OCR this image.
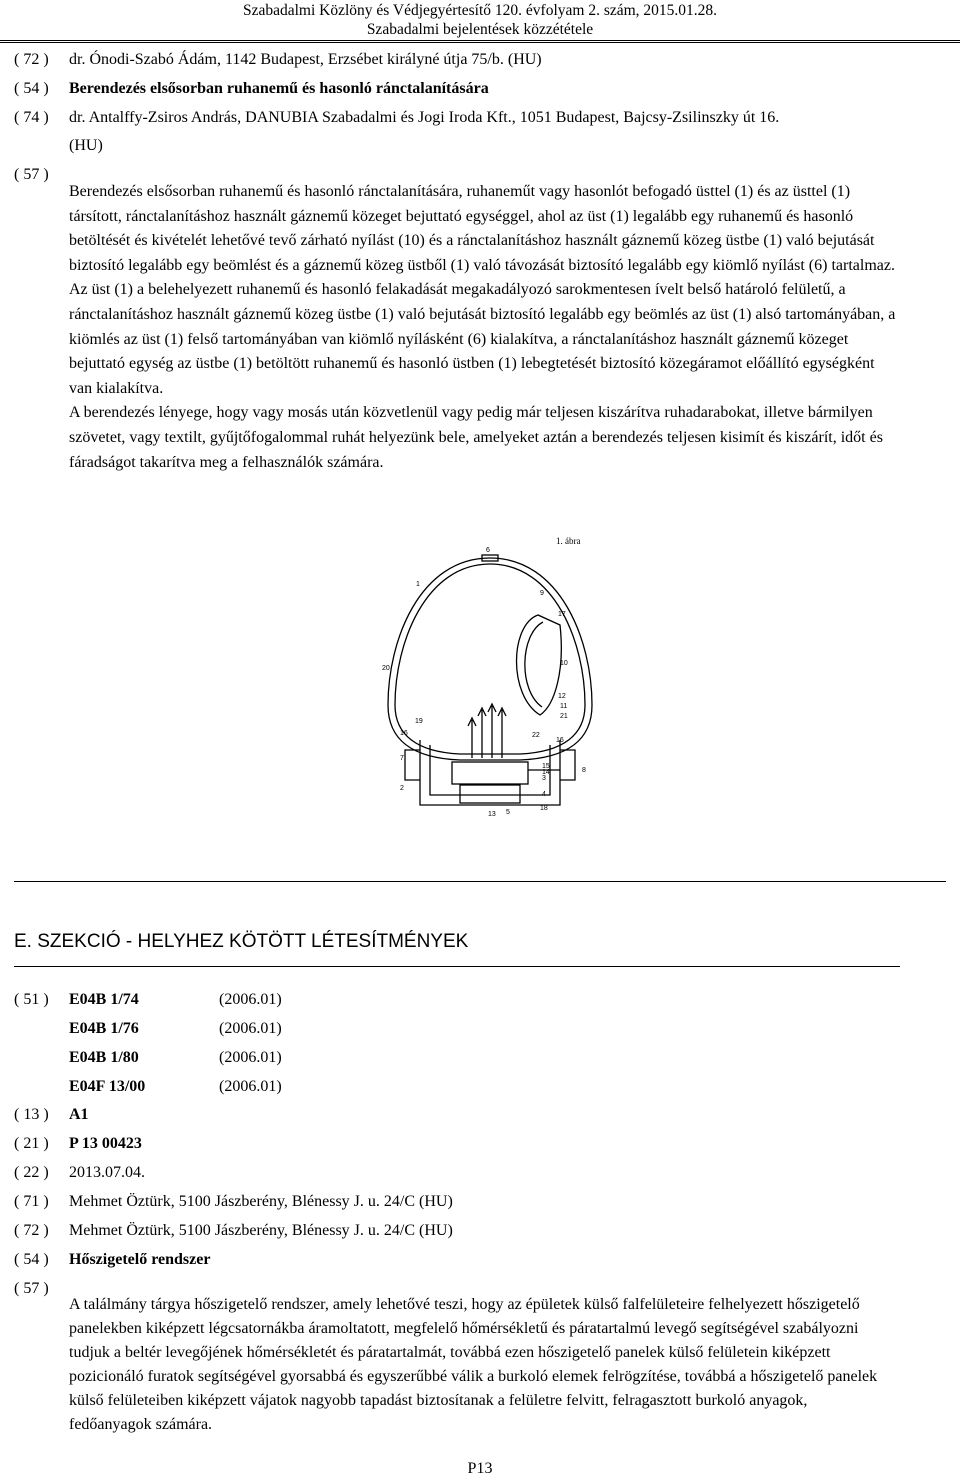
Szabadalmi Közlöny és Védjegyértesítő 120. évfolyam 2. szám, 2015.01.28.
Szabadalmi bejelentések közzététele
( 72 ) dr. Ónodi-Szabó Ádám, 1142 Budapest, Erzsébet királyné útja 75/b. (HU)
( 54 ) Berendezés elsősorban ruhanemű és hasonló ránctalanítására
( 74 ) dr. Antalffy-Zsiros András, DANUBIA Szabadalmi és Jogi Iroda Kft., 1051 Budapest, Bajcsy-Zsilinszky út 16.
(HU)
( 57 )

Berendezés elsősorban ruhanemű és hasonló ránctalanítására, ruhaneműt vagy hasonlót befogadó üsttel (1) és az üsttel (1) társított, ránctalanításhoz használt gáznemű közeget bejuttató egységgel, ahol az üst (1) legalább egy ruhanemű és hasonló betöltését és kivételét lehetővé tevő zárható nyílást (10) és a ránctalanításhoz használt gáznemű közeg üstbe (1) való bejutását biztosító legalább egy beömlést és a gáznemű közeg üstből (1) való távozását biztosító legalább egy kiömlő nyílást (6) tartalmaz. Az üst (1) a belehelyezett ruhanemű és hasonló felakadását megakadályozó sarokmentesen ívelt belső határoló felületű, a ránctalanításhoz használt gáznemű közeg üstbe (1) való bejutását biztosító legalább egy beömlés az üst (1) alsó tartományában, a kiömlés az üst (1) felső tartományában van kiömlő nyílásként (6) kialakítva, a ránctalanításhoz használt gáznemű közeget bejuttató egység az üstbe (1) betöltött ruhanemű és hasonló üstben (1) lebegtetését biztosító közegáramot előállító egységként van kialakítva.

A berendezés lényege, hogy vagy mosás után közvetlenül vagy pedig már teljesen kiszárítva ruhadarabokat, illetve bármilyen szövetet, vagy textilt, gyűjtőfogalommal ruhát helyezünk bele, amelyeket aztán a berendezés teljesen kisimít és kiszárít, időt és fáradságot takarítva meg a felhasználók számára.

1. ábra
6
1
9
17
20
10
12
11
21
19
16	22
16
7
15
14
3
8
2
4
18
13 5
E. SZEKCIÓ - HELYHEZ KÖTÖTT LÉTESÍTMÉNYEK
( 51 ) E04B 1/74	(2006.01)
E04B 1/76	(2006.01)
E04B 1/80	(2006.01)
E04F 13/00	(2006.01)
( 13 ) A1
( 21 ) P 13 00423
( 22 ) 2013.07.04.
( 71 ) Mehmet Öztürk, 5100 Jászberény, Blénessy J. u. 24/C (HU)
( 72 ) Mehmet Öztürk, 5100 Jászberény, Blénessy J. u. 24/C (HU)
( 54 ) Hőszigetelő rendszer
( 57 )

A találmány tárgya hőszigetelő rendszer, amely lehetővé teszi, hogy az épületek külső falfelületeire felhelyezett hőszigetelő panelekben kiképzett légcsatornákba áramoltatott, megfelelő hőmérsékletű és páratartalmú levegő segítségével szabályozni tudjuk a beltér levegőjének hőmérsékletét és páratartalmát, továbbá ezen hőszigetelő panelek külső felületein kiképzett pozicionáló furatok segítségével gyorsabbá és egyszerűbbé válik a burkoló elemek felrögzítése, továbbá a hőszigetelő panelek külső felületeiben kiképzett vájatok nagyobb tapadást biztosítanak a felületre felvitt, felragasztott burkoló anyagok, fedőanyagok számára.

P13
